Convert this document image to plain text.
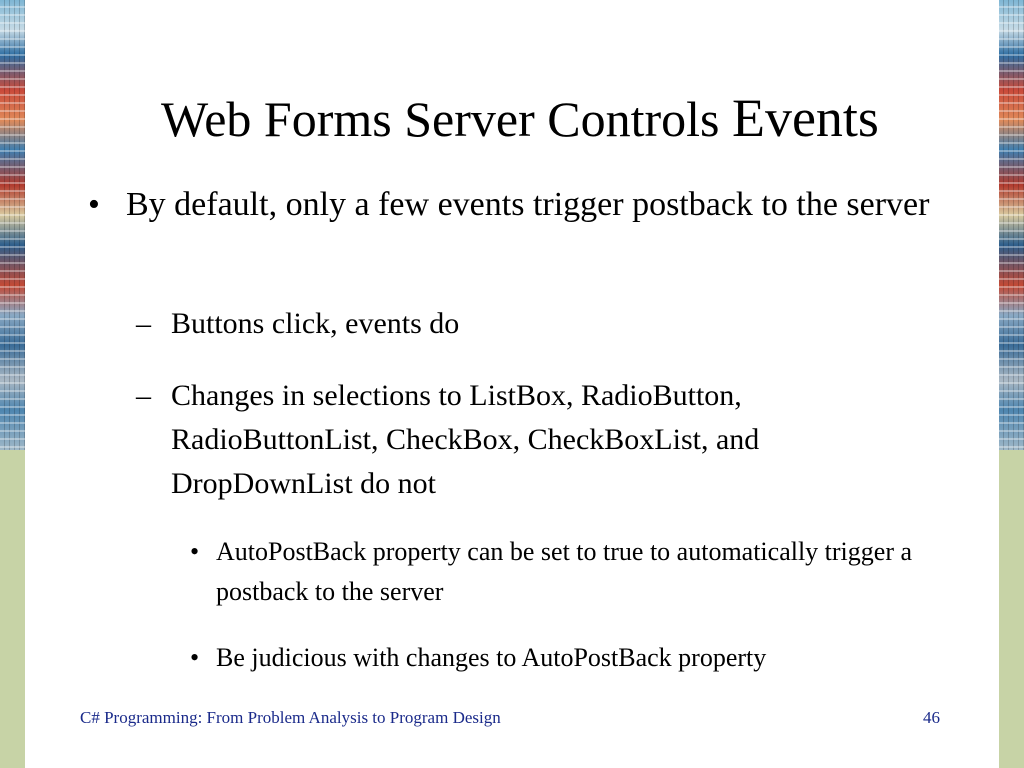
Web Forms Server Controls Events
• By default, only a few events trigger postback to the server
– Buttons click, events do
– Changes in selections to ListBox, RadioButton, RadioButtonList, CheckBox, CheckBoxList, and DropDownList do not
• AutoPostBack property can be set to true to automatically trigger a postback to the server
• Be judicious with changes to AutoPostBack property
C# Programming: From Problem Analysis to Program Design	46
